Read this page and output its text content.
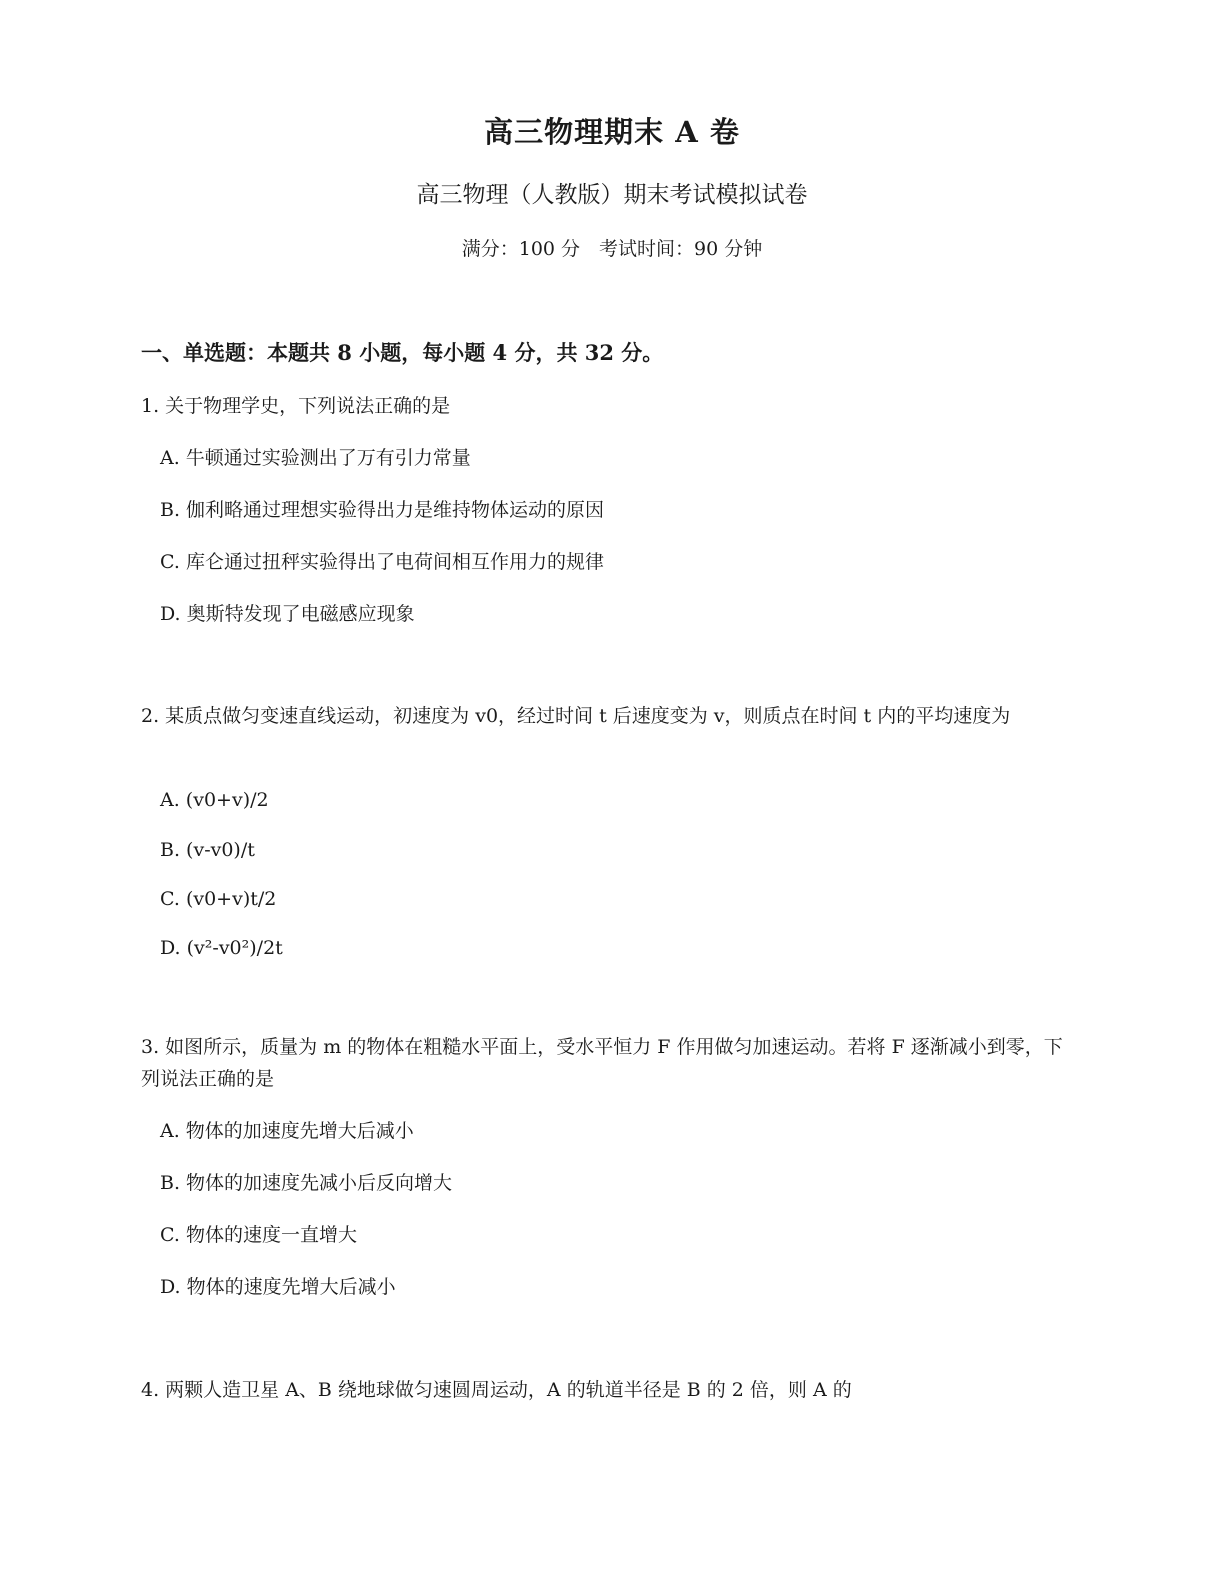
高三物理期末 A 卷
高三物理（人教版）期末考试模拟试卷
满分：100 分　考试时间：90 分钟
一、单选题：本题共 8 小题，每小题 4 分，共 32 分。
1. 关于物理学史，下列说法正确的是
A. 牛顿通过实验测出了万有引力常量
B. 伽利略通过理想实验得出力是维持物体运动的原因
C. 库仑通过扭秤实验得出了电荷间相互作用力的规律
D. 奥斯特发现了电磁感应现象
2. 某质点做匀变速直线运动，初速度为 v0，经过时间 t 后速度变为 v，则质点在时间 t 内的平均速度为
A. (v0+v)/2
B. (v-v0)/t
C. (v0+v)t/2
D. (v²-v0²)/2t
3. 如图所示，质量为 m 的物体在粗糙水平面上，受水平恒力 F 作用做匀加速运动。若将 F 逐渐减小到零，下列说法正确的是
A. 物体的加速度先增大后减小
B. 物体的加速度先减小后反向增大
C. 物体的速度一直增大
D. 物体的速度先增大后减小
4. 两颗人造卫星 A、B 绕地球做匀速圆周运动，A 的轨道半径是 B 的 2 倍，则 A 的
